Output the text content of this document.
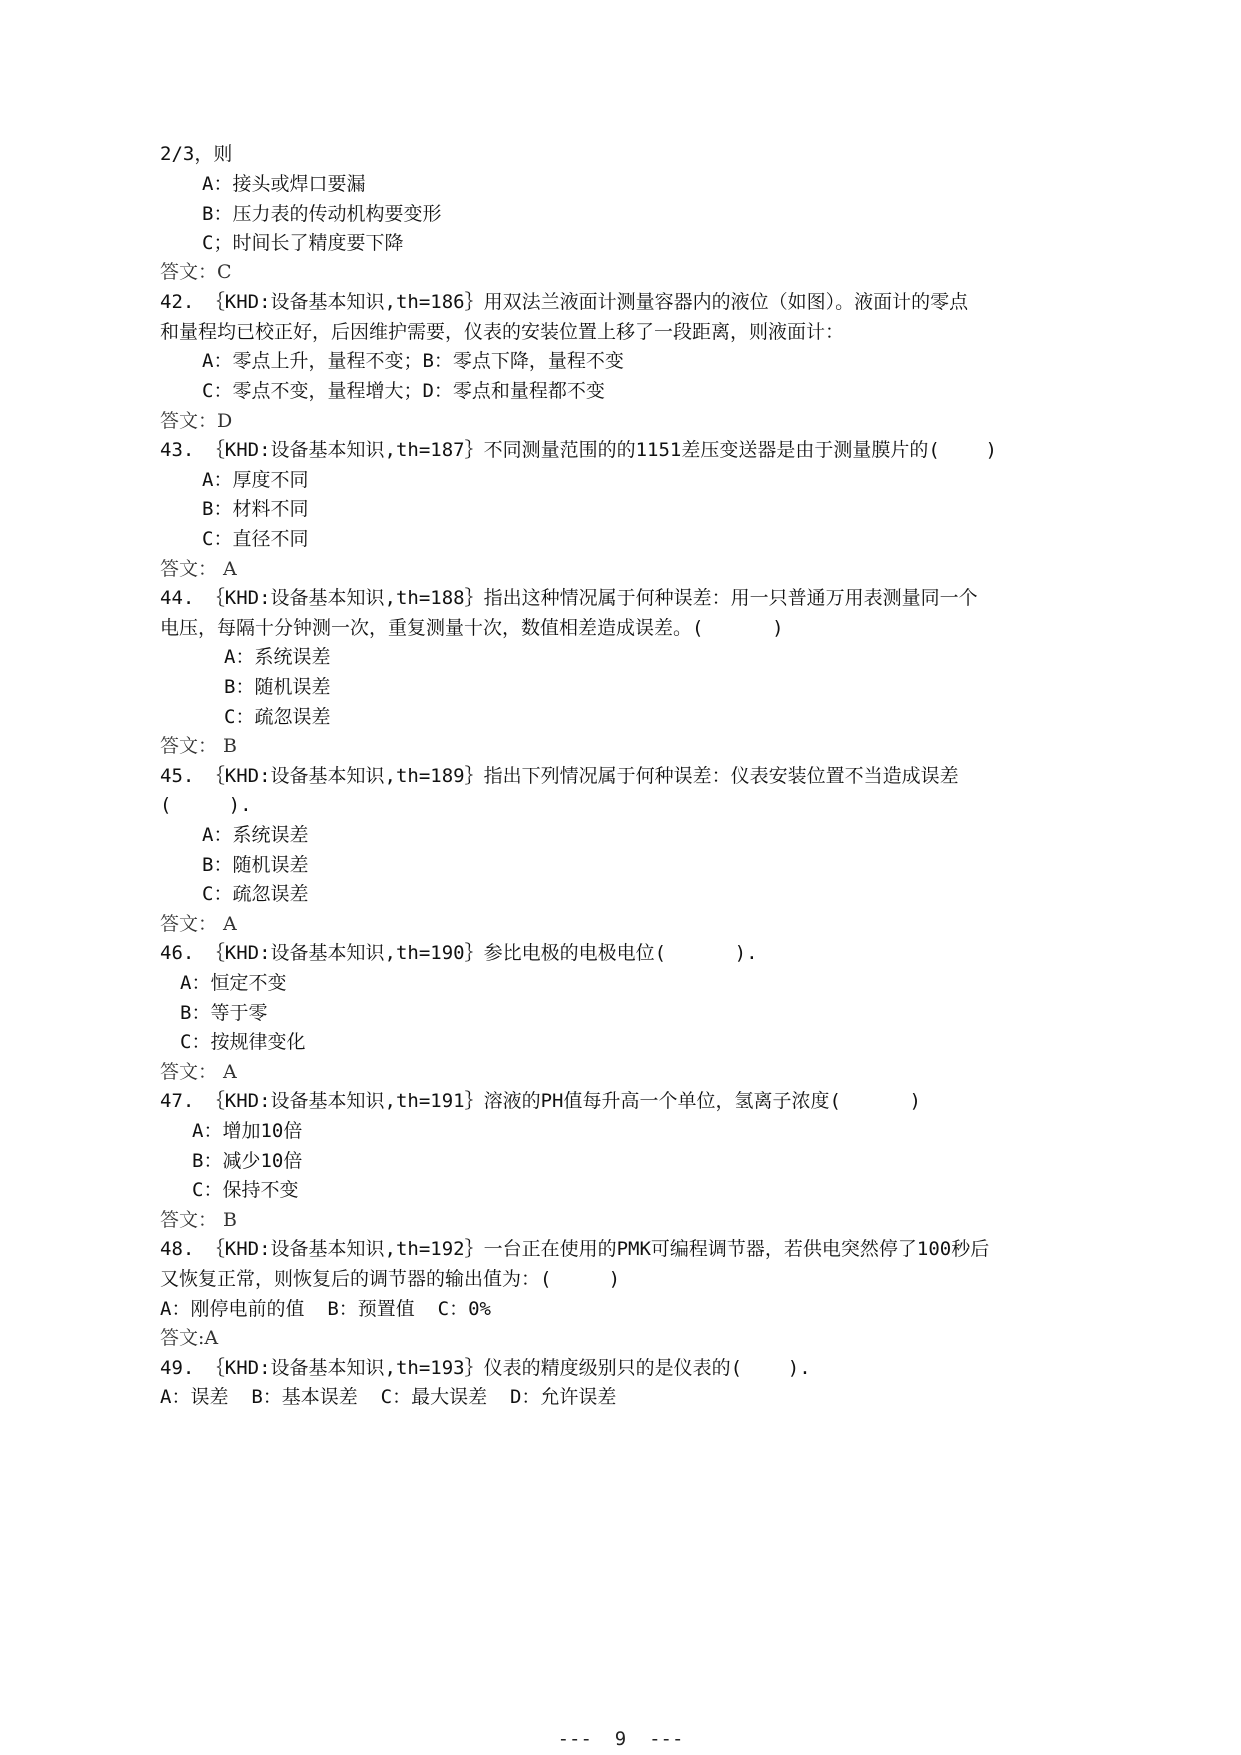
2/3，则
A：接头或焊口要漏
B：压力表的传动机构要变形
C；时间长了精度要下降
答文：C
42. ｛KHD:设备基本知识,th=186｝用双法兰液面计测量容器内的液位（如图）。液面计的零点
和量程均已校正好，后因维护需要，仪表的安装位置上移了一段距离，则液面计：
A：零点上升，量程不变；B：零点下降，量程不变
C：零点不变，量程增大；D：零点和量程都不变
答文：D
43. ｛KHD:设备基本知识,th=187｝不同测量范围的的1151差压变送器是由于测量膜片的(    )
A：厚度不同
B：材料不同
C：直径不同
答文： A
44. ｛KHD:设备基本知识,th=188｝指出这种情况属于何种误差：用一只普通万用表测量同一个
电压，每隔十分钟测一次，重复测量十次，数值相差造成误差。(      )
A：系统误差
B：随机误差
C：疏忽误差
答文： B
45. ｛KHD:设备基本知识,th=189｝指出下列情况属于何种误差：仪表安装位置不当造成误差
(     ).
A：系统误差
B：随机误差
C：疏忽误差
答文： A
46. ｛KHD:设备基本知识,th=190｝参比电极的电极电位(      ).
A：恒定不变
B：等于零
C：按规律变化
答文： A
47. ｛KHD:设备基本知识,th=191｝溶液的PH值每升高一个单位，氢离子浓度(      )
A：增加10倍
B：减少10倍
C：保持不变
答文： B
48. ｛KHD:设备基本知识,th=192｝一台正在使用的PMK可编程调节器，若供电突然停了100秒后
又恢复正常，则恢复后的调节器的输出值为：(     )
A：刚停电前的值  B：预置值  C：0%
答文:A
49. ｛KHD:设备基本知识,th=193｝仪表的精度级别只的是仪表的(    ).
A：误差  B：基本误差  C：最大误差  D：允许误差
---  9  ---
